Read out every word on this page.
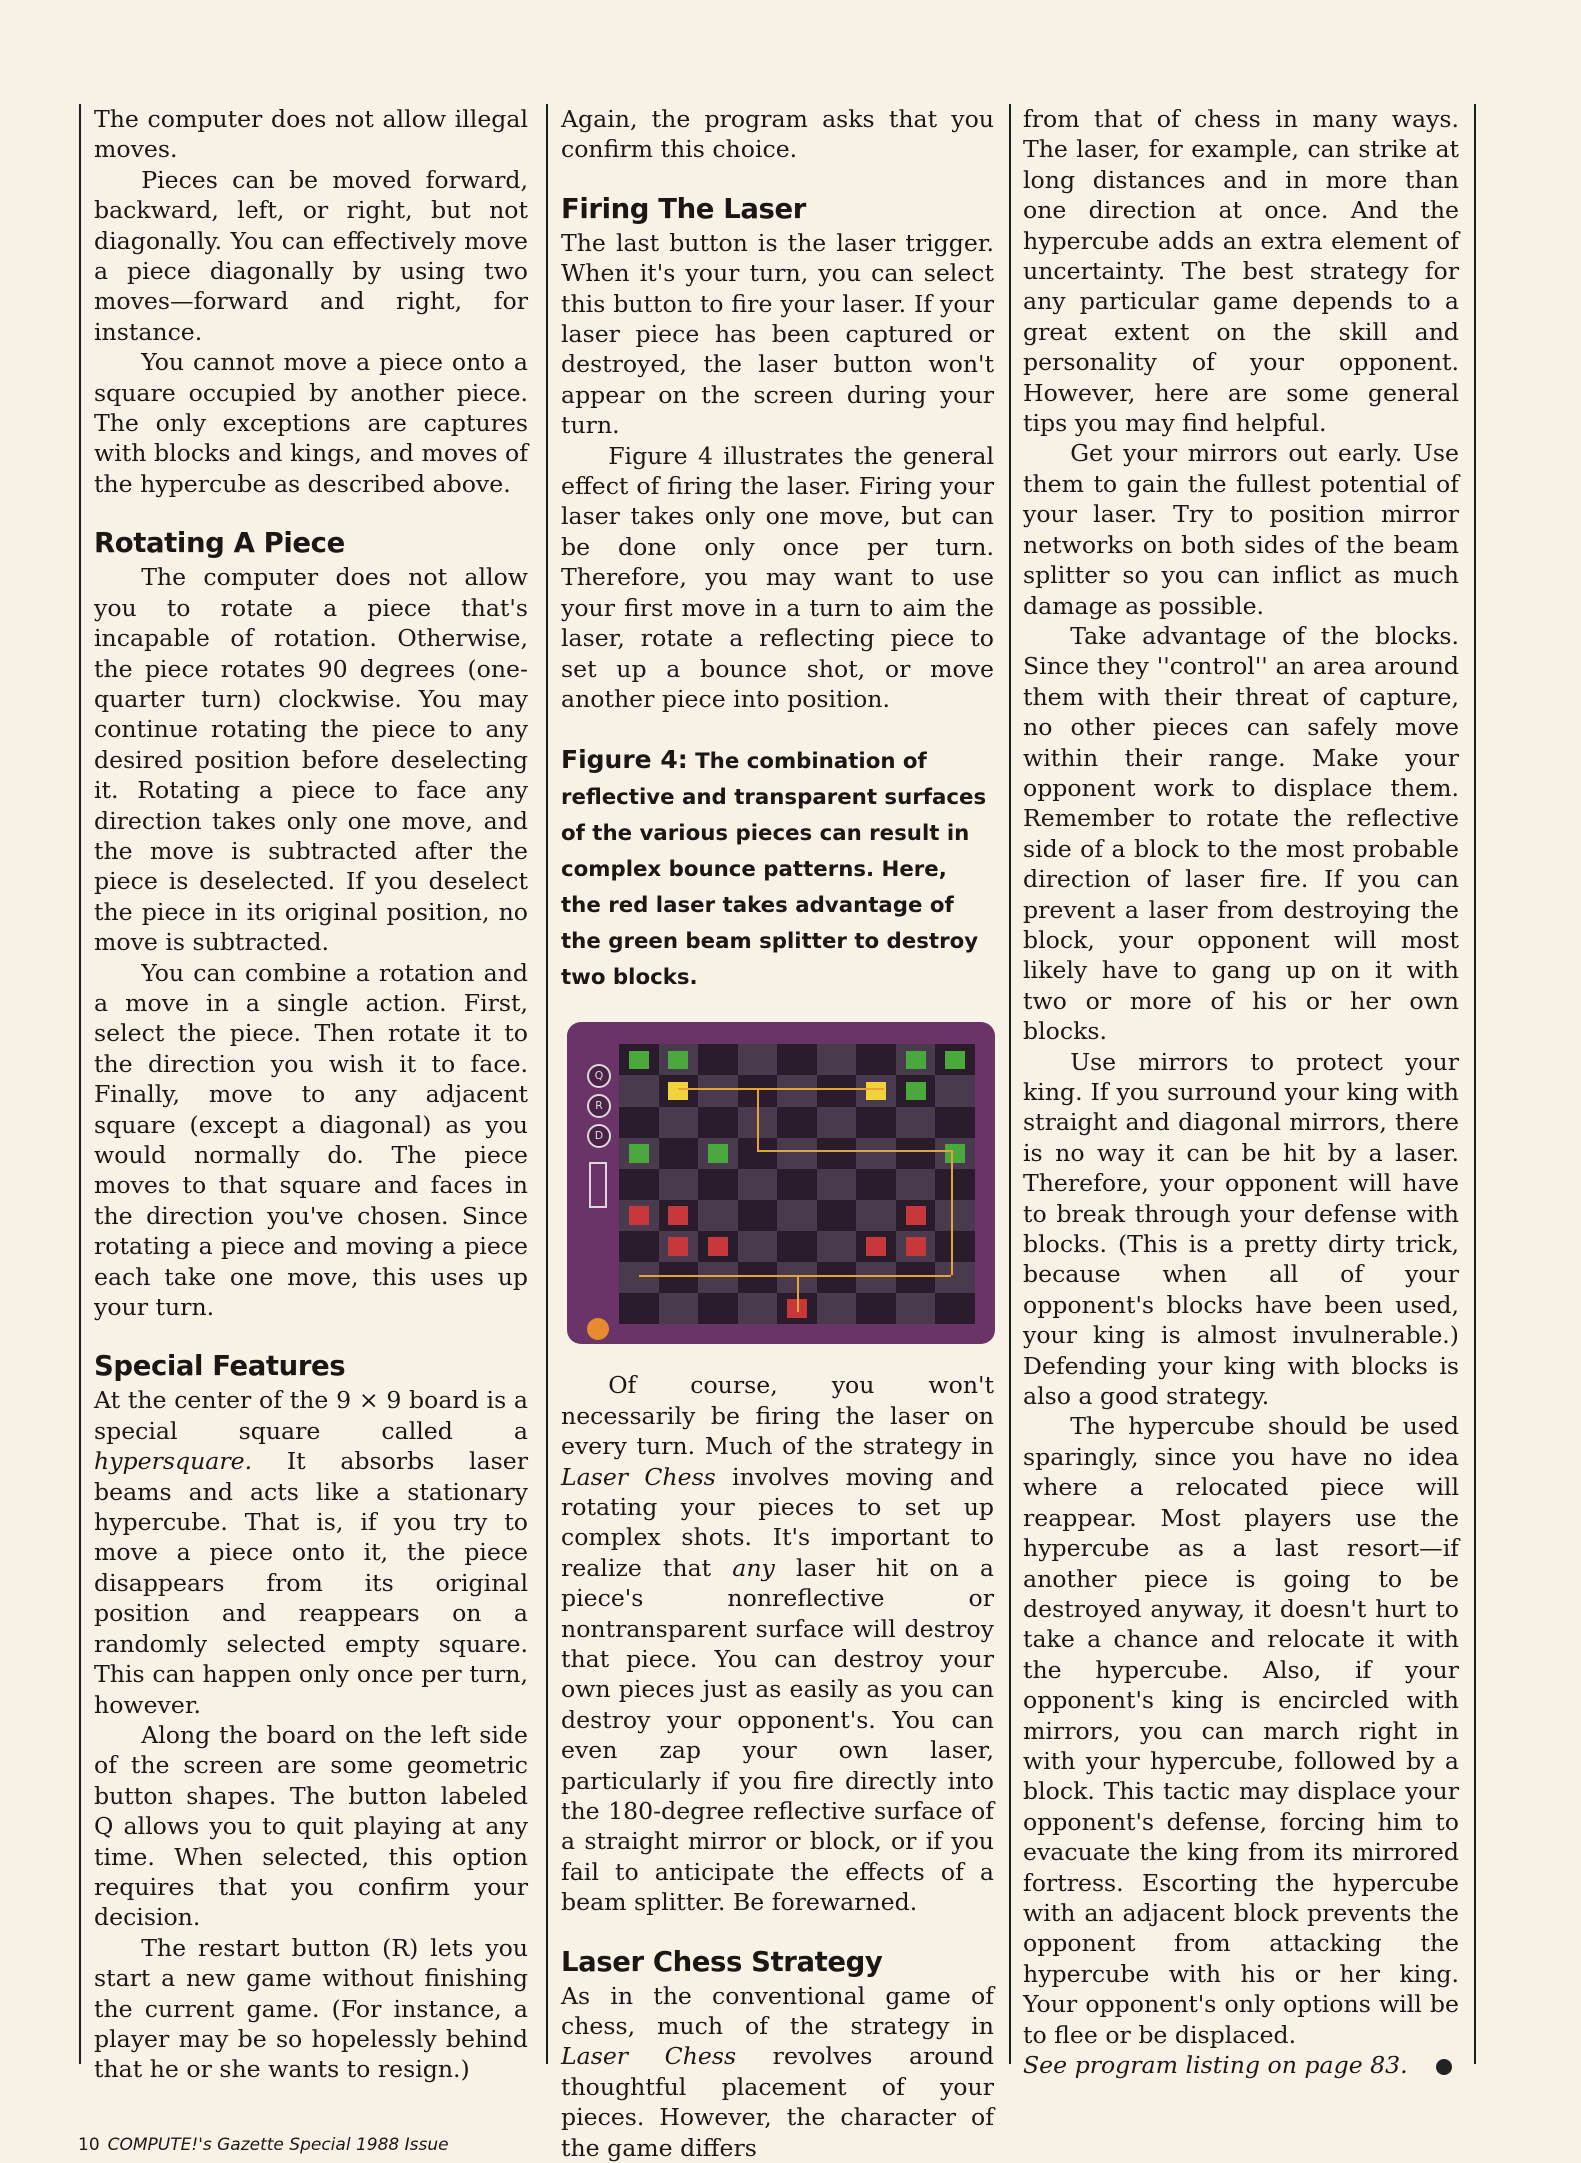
The computer does not allow illegal moves.

Pieces can be moved forward, backward, left, or right, but not diagonally. You can effectively move a piece diagonally by using two moves—forward and right, for instance.

You cannot move a piece onto a square occupied by another piece. The only exceptions are captures with blocks and kings, and moves of the hypercube as described above.

Rotating A Piece

The computer does not allow you to rotate a piece that's incapable of rotation. Otherwise, the piece rotates 90 degrees (one-quarter turn) clockwise. You may continue rotating the piece to any desired position before deselecting it. Rotating a piece to face any direction takes only one move, and the move is subtracted after the piece is deselected. If you deselect the piece in its original position, no move is subtracted.

You can combine a rotation and a move in a single action. First, select the piece. Then rotate it to the direction you wish it to face. Finally, move to any adjacent square (except a diagonal) as you would normally do. The piece moves to that square and faces in the direction you've chosen. Since rotating a piece and moving a piece each take one move, this uses up your turn.

Special Features

At the center of the 9 × 9 board is a special square called a hypersquare. It absorbs laser beams and acts like a stationary hypercube. That is, if you try to move a piece onto it, the piece disappears from its original position and reappears on a randomly selected empty square. This can happen only once per turn, however.

Along the board on the left side of the screen are some geometric button shapes. The button labeled Q allows you to quit playing at any time. When selected, this option requires that you confirm your decision.

The restart button (R) lets you start a new game without finishing the current game. (For instance, a player may be so hopelessly behind that he or she wants to resign.)

Again, the program asks that you confirm this choice.

Firing The Laser

The last button is the laser trigger. When it's your turn, you can select this button to fire your laser. If your laser piece has been captured or destroyed, the laser button won't appear on the screen during your turn.

Figure 4 illustrates the general effect of firing the laser. Firing your laser takes only one move, but can be done only once per turn. Therefore, you may want to use your first move in a turn to aim the laser, rotate a reflecting piece to set up a bounce shot, or move another piece into position.

Figure 4: The combination of reflective and transparent surfaces of the various pieces can result in complex bounce patterns. Here, the red laser takes advantage of the green beam splitter to destroy two blocks.
Q
R
D

Of course, you won't necessarily be firing the laser on every turn. Much of the strategy in Laser Chess involves moving and rotating your pieces to set up complex shots. It's important to realize that any laser hit on a piece's nonreflective or nontransparent surface will destroy that piece. You can destroy your own pieces just as easily as you can destroy your opponent's. You can even zap your own laser, particularly if you fire directly into the 180-degree reflective surface of a straight mirror or block, or if you fail to anticipate the effects of a beam splitter. Be forewarned.

Laser Chess Strategy

As in the conventional game of chess, much of the strategy in Laser Chess revolves around thoughtful placement of your pieces. However, the character of the game differs

from that of chess in many ways. The laser, for example, can strike at long distances and in more than one direction at once. And the hypercube adds an extra element of uncertainty. The best strategy for any particular game depends to a great extent on the skill and personality of your opponent. However, here are some general tips you may find helpful.

Get your mirrors out early. Use them to gain the fullest potential of your laser. Try to position mirror networks on both sides of the beam splitter so you can inflict as much damage as possible.

Take advantage of the blocks. Since they ''control'' an area around them with their threat of capture, no other pieces can safely move within their range. Make your opponent work to displace them. Remember to rotate the reflective side of a block to the most probable direction of laser fire. If you can prevent a laser from destroying the block, your opponent will most likely have to gang up on it with two or more of his or her own blocks.

Use mirrors to protect your king. If you surround your king with straight and diagonal mirrors, there is no way it can be hit by a laser. Therefore, your opponent will have to break through your defense with blocks. (This is a pretty dirty trick, because when all of your opponent's blocks have been used, your king is almost invulnerable.) Defending your king with blocks is also a good strategy.

The hypercube should be used sparingly, since you have no idea where a relocated piece will reappear. Most players use the hypercube as a last resort—if another piece is going to be destroyed anyway, it doesn't hurt to take a chance and relocate it with the hypercube. Also, if your opponent's king is encircled with mirrors, you can march right in with your hypercube, followed by a block. This tactic may displace your opponent's defense, forcing him to evacuate the king from its mirrored fortress. Escorting the hypercube with an adjacent block prevents the opponent from attacking the hypercube with his or her king. Your opponent's only options will be to flee or be displaced.

See program listing on page 83.

10 COMPUTE!'s Gazette Special 1988 Issue
